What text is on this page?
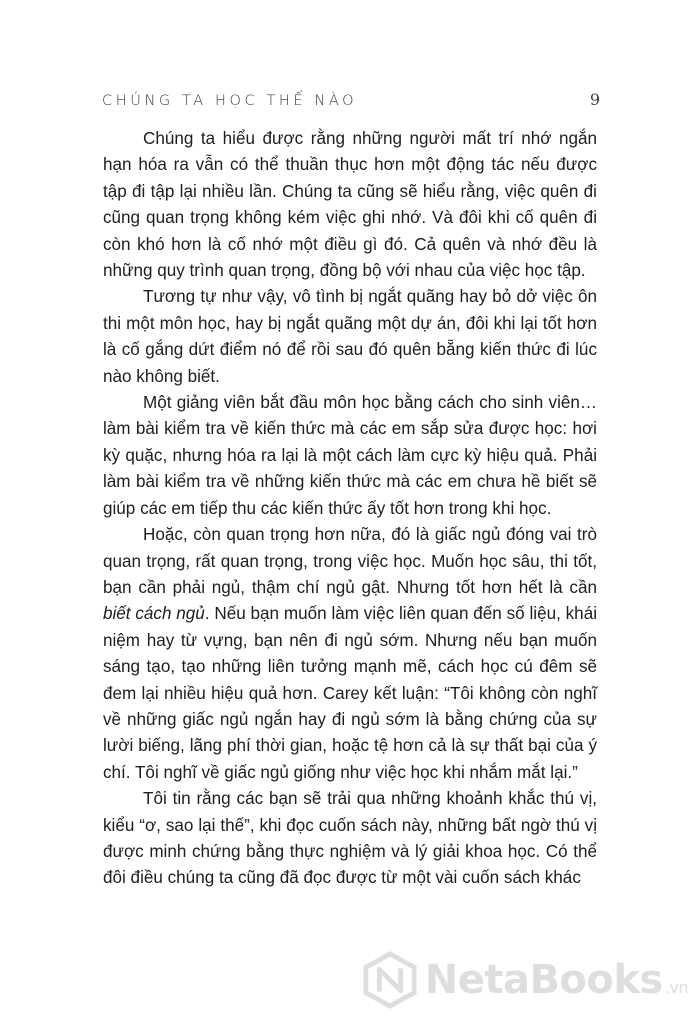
CHÚNG TA HỌC THẾ NÀO	9

Chúng ta hiểu được rằng những người mất trí nhớ ngắn hạn hóa ra vẫn có thể thuần thục hơn một động tác nếu được tập đi tập lại nhiều lần. Chúng ta cũng sẽ hiểu rằng, việc quên đi cũng quan trọng không kém việc ghi nhớ. Và đôi khi cố quên đi còn khó hơn là cố nhớ một điều gì đó. Cả quên và nhớ đều là những quy trình quan trọng, đồng bộ với nhau của việc học tập.

Tương tự như vậy, vô tình bị ngắt quãng hay bỏ dở việc ôn thi một môn học, hay bị ngắt quãng một dự án, đôi khi lại tốt hơn là cố gắng dứt điểm nó để rồi sau đó quên bẵng kiến thức đi lúc nào không biết.

Một giảng viên bắt đầu môn học bằng cách cho sinh viên… làm bài kiểm tra về kiến thức mà các em sắp sửa được học: hơi kỳ quặc, nhưng hóa ra lại là một cách làm cực kỳ hiệu quả. Phải làm bài kiểm tra về những kiến thức mà các em chưa hề biết sẽ giúp các em tiếp thu các kiến thức ấy tốt hơn trong khi học.

Hoặc, còn quan trọng hơn nữa, đó là giấc ngủ đóng vai trò quan trọng, rất quan trọng, trong việc học. Muốn học sâu, thi tốt, bạn cần phải ngủ, thậm chí ngủ gật. Nhưng tốt hơn hết là cần biết cách ngủ. Nếu bạn muốn làm việc liên quan đến số liệu, khái niệm hay từ vựng, bạn nên đi ngủ sớm. Nhưng nếu bạn muốn sáng tạo, tạo những liên tưởng mạnh mẽ, cách học cú đêm sẽ đem lại nhiều hiệu quả hơn. Carey kết luận: “Tôi không còn nghĩ về những giấc ngủ ngắn hay đi ngủ sớm là bằng chứng của sự lười biếng, lãng phí thời gian, hoặc tệ hơn cả là sự thất bại của ý chí. Tôi nghĩ về giấc ngủ giống như việc học khi nhắm mắt lại.”

Tôi tin rằng các bạn sẽ trải qua những khoảnh khắc thú vị, kiểu “ơ, sao lại thế”, khi đọc cuốn sách này, những bất ngờ thú vị được minh chứng bằng thực nghiệm và lý giải khoa học. Có thể đôi điều chúng ta cũng đã đọc được từ một vài cuốn sách khác

NetaBooks .vn
